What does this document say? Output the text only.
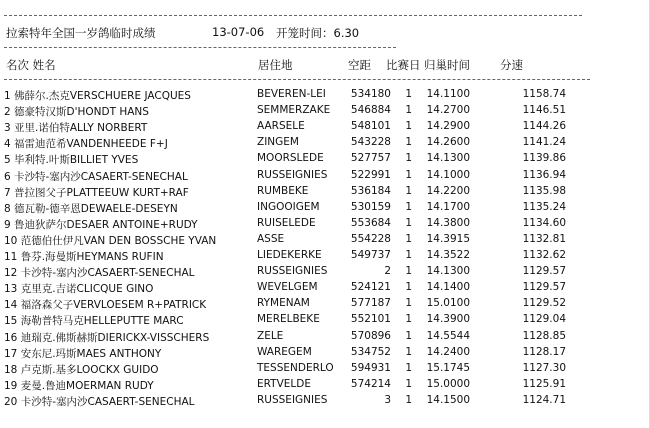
拉索特年全国一岁鸽临时成绩	13-07-06 开笼时间：6.30
名次 姓名	居住地	空距 比赛日 归巢时间	分速
1 佛薛尔.杰克VERSCHUERE JACQUES	BEVEREN-LEI	534180	1	14.1100	1158.74
2 德豪特汉斯D'HONDT HANS	SEMMERZAKE	546884	1	14.2700	1146.51
3 亚里.诺伯特ALLY NORBERT	AARSELE	548101	1	14.2900	1144.26
4 福雷迪范希VANDENHEEDE F+J	ZINGEM	543228	1	14.2600	1141.24
5 毕利特.叶斯BILLIET YVES	MOORSLEDE	527757	1	14.1300	1139.86
6 卡沙特-塞内沙CASAERT-SENECHAL	RUSSEIGNIES	522991	1	14.1000	1136.94
7 普拉图父子PLATTEEUW KURT+RAF	RUMBEKE	536184	1	14.2200	1135.98
8 德瓦勒-德辛恩DEWAELE-DESEYN	INGOOIGEM	530159	1	14.1700	1135.24
9 鲁迪狄萨尔DESAER ANTOINE+RUDY	RUISELEDE	553684	1	14.3800	1134.60
10 范德伯仕伊凡VAN DEN BOSSCHE YVAN	ASSE	554228	1	14.3915	1132.81
11 鲁芬.海曼斯HEYMANS RUFIN	LIEDEKERKE	549737	1	14.3522	1132.62
12 卡沙特-塞内沙CASAERT-SENECHAL	RUSSEIGNIES	2	1	14.1300	1129.57
13 克里克.吉诺CLICQUE GINO	WEVELGEM	524121	1	14.1400	1129.57
14 福洛森父子VERVLOESEM R+PATRICK	RYMENAM	577187	1	15.0100	1129.52
15 海勒普特马克HELLEPUTTE MARC	MERELBEKE	552101	1	14.3900	1129.04
16 迪瑞克.佛斯赫斯DIERICKX-VISSCHERS	ZELE	570896	1	14.5544	1128.85
17 安东尼.玛斯MAES ANTHONY	WAREGEM	534752	1	14.2400	1128.17
18 卢克斯.基多LOOCKX GUIDO	TESSENDERLO	594931	1	15.1745	1127.30
19 麦曼.鲁迪MOERMAN RUDY	ERTVELDE	574214	1	15.0000	1125.91
20 卡沙特-塞内沙CASAERT-SENECHAL	RUSSEIGNIES	3	1	14.1500	1124.71
